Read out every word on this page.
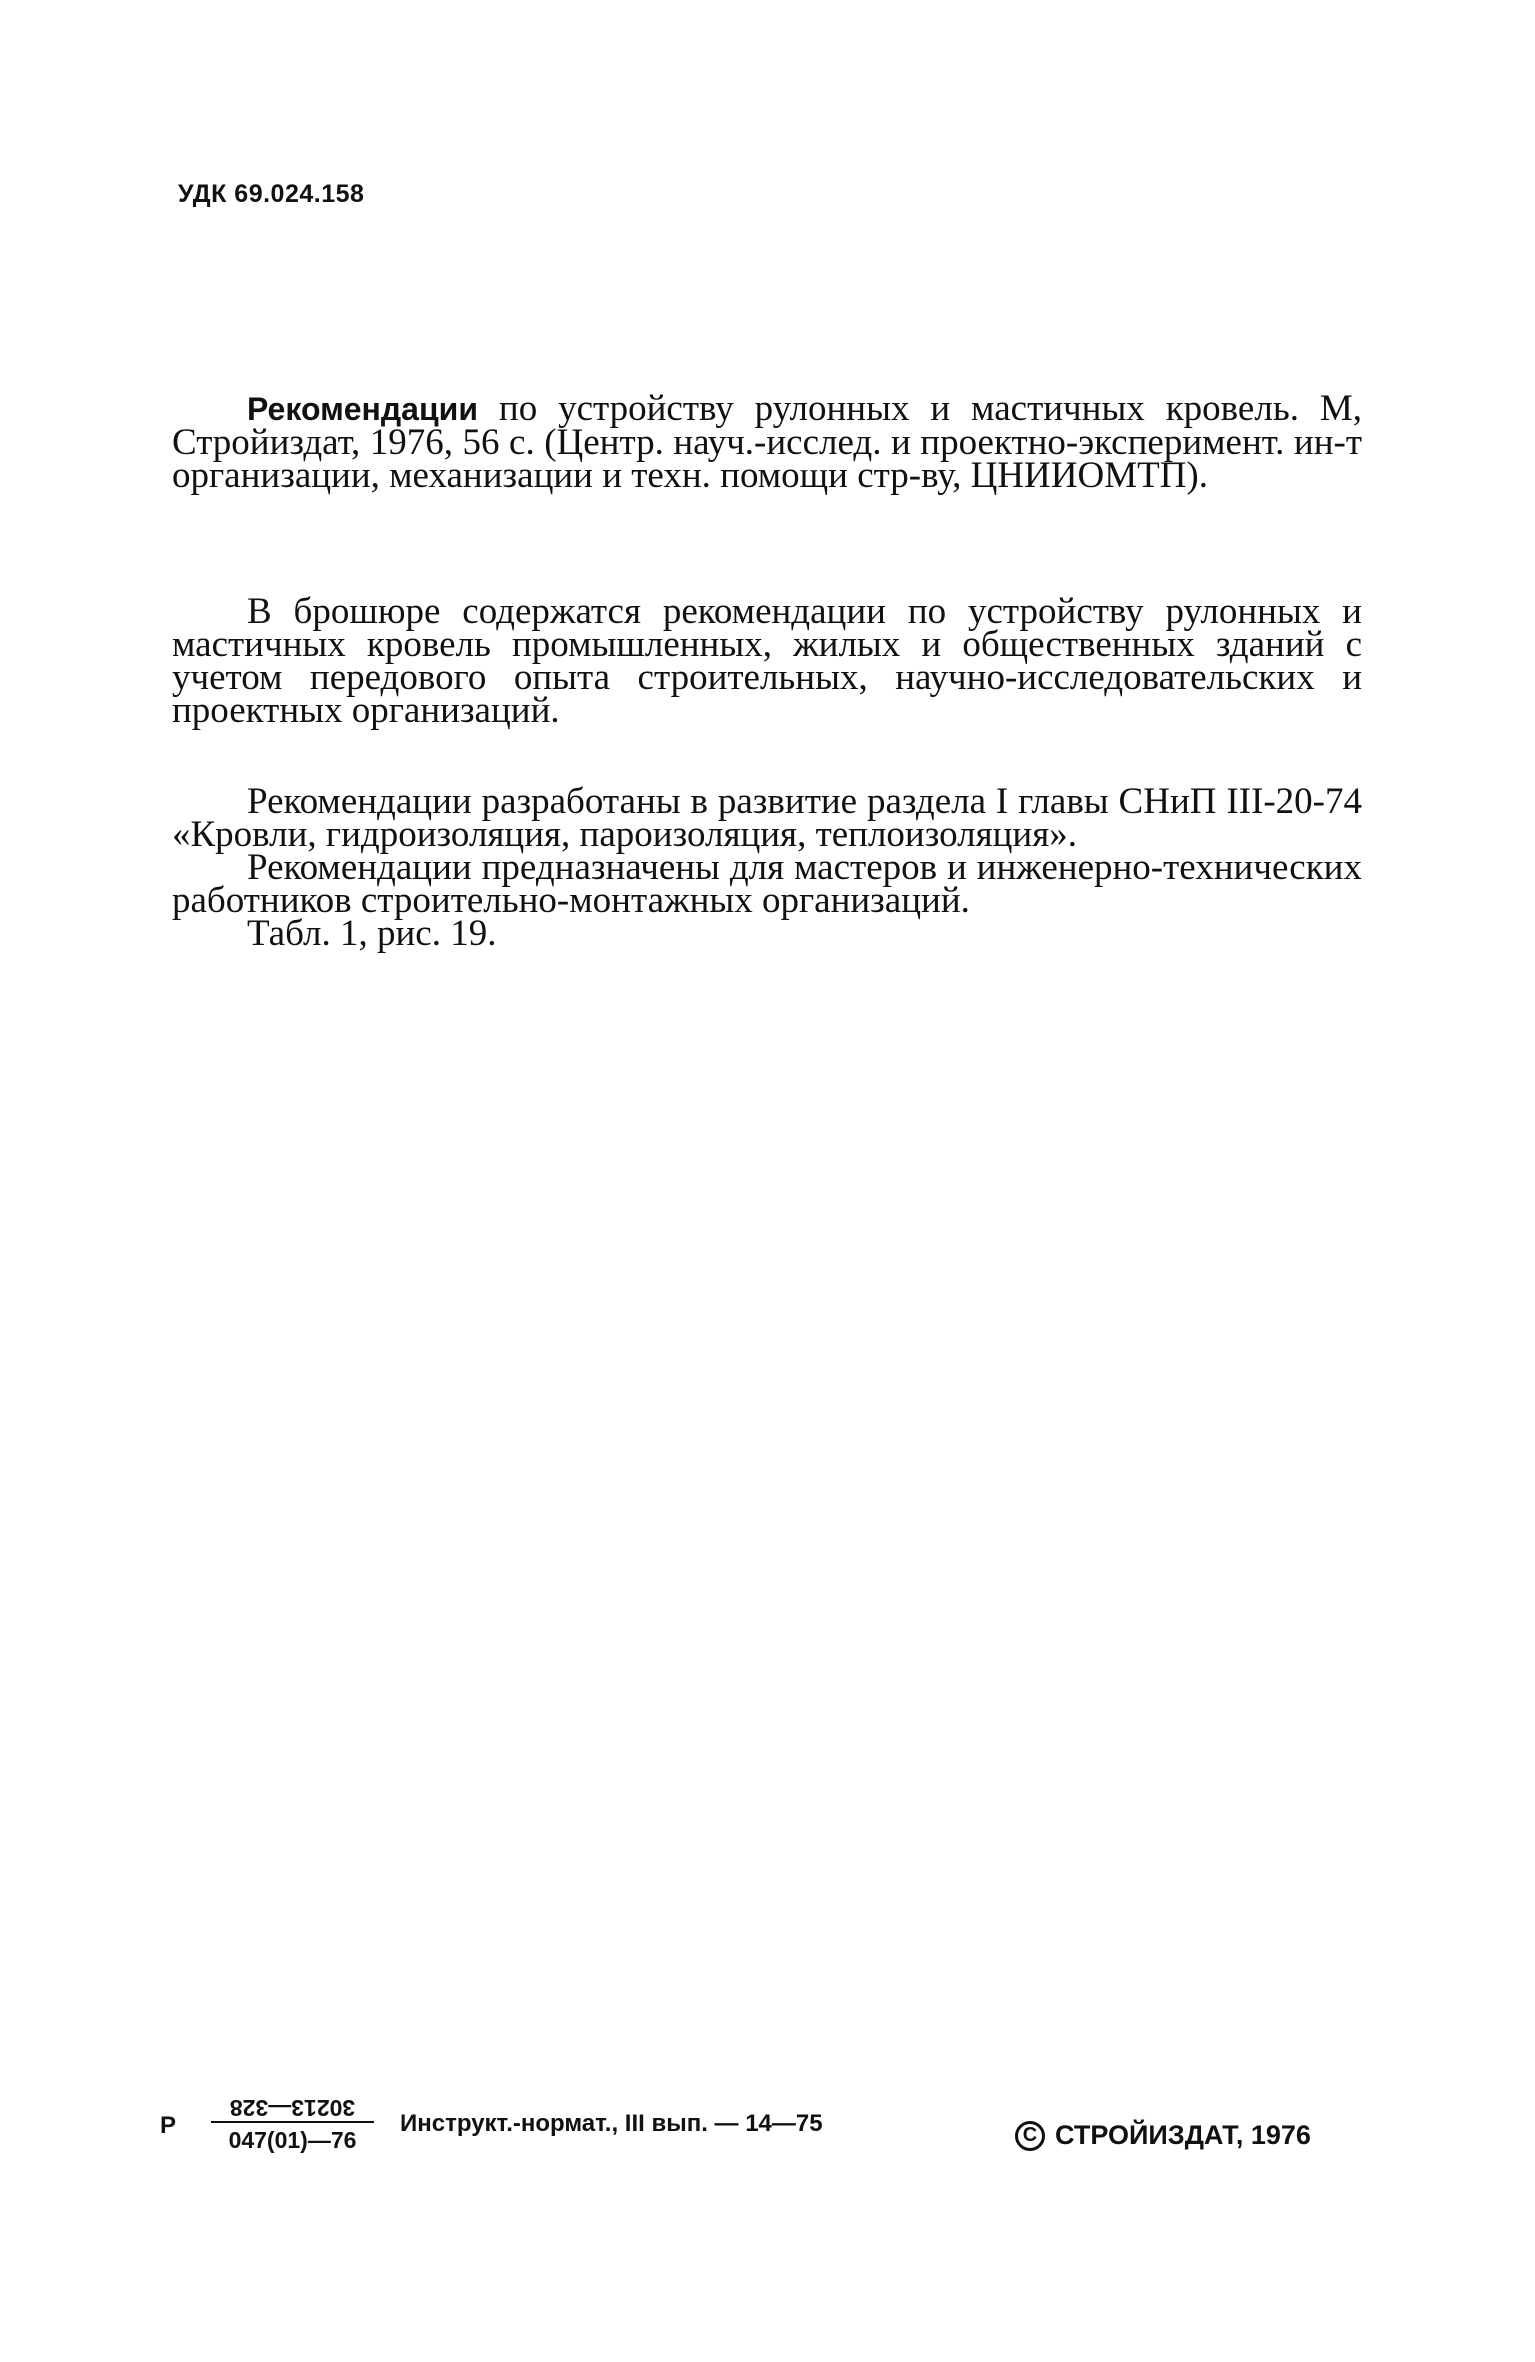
УДК 69.024.158

Рекомендации по устройству рулонных и мастичных кровель. М, Стройиздат, 1976, 56 с. (Центр. науч.-исслед. и проектно-эксперимент. ин-т организации, механизации и техн. помощи стр-ву, ЦНИИОМТП).

В брошюре содержатся рекомендации по устройству рулонных и мастичных кровель промышленных, жилых и общественных зданий с учетом передового опыта строительных, научно-исследовательских и проектных организаций.

Рекомендации разработаны в развитие раздела I главы СНиП III-20-74 «Кровли, гидроизоляция, пароизоляция, теплоизоляция».

Рекомендации предназначены для мастеров и инженерно-технических работников строительно-монтажных организаций.

Табл. 1, рис. 19.

Р
30213—328
047(01)—76
Инструкт.-нормат., III вып. — 14—75	C СТРОЙИЗДАТ, 1976
